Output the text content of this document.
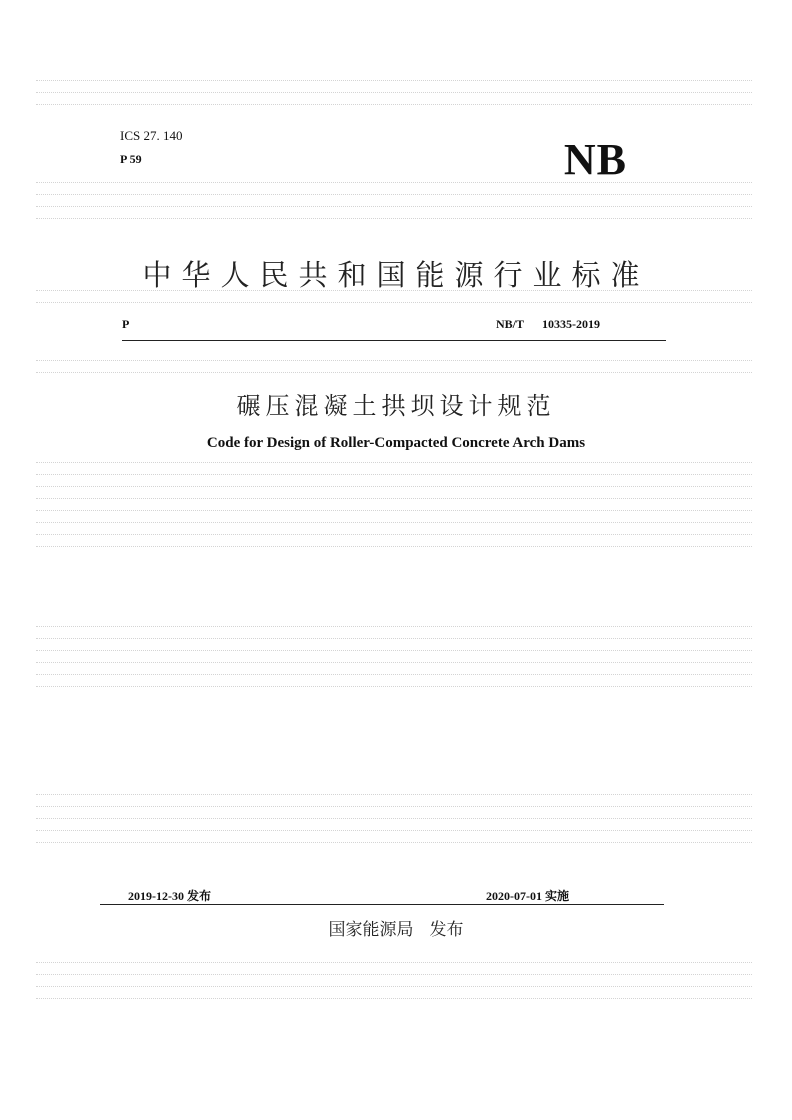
ICS 27. 140
P 59	NB
中华人民共和国能源行业标准
P	NB/T 10335-2019
碾压混凝土拱坝设计规范
Code for Design of Roller-Compacted Concrete Arch Dams
2019-12-30 发布	2020-07-01 实施
国家能源局 发布
